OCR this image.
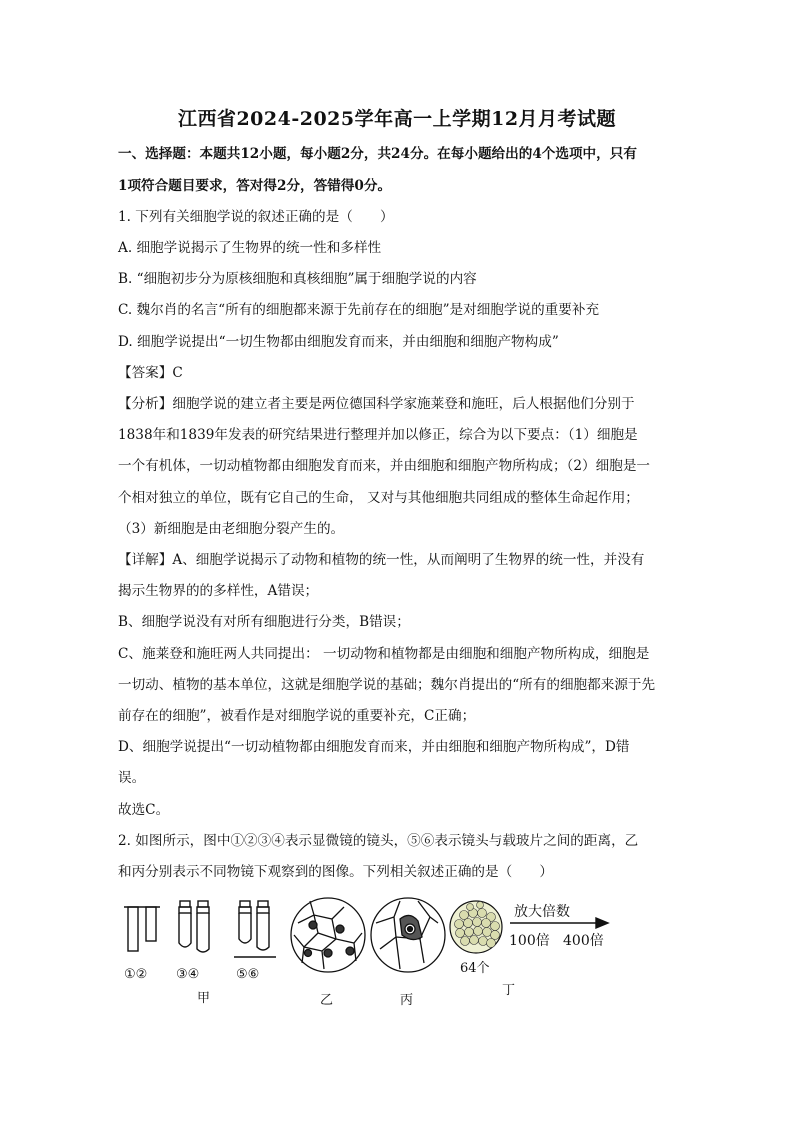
江西省2024-2025学年高一上学期12月月考试题
一、选择题：本题共12小题，每小题2分，共24分。在每小题给出的4个选项中，只有
1项符合题目要求，答对得2分，答错得0分。
1. 下列有关细胞学说的叙述正确的是（　　）
A. 细胞学说揭示了生物界的统一性和多样性
B. “细胞初步分为原核细胞和真核细胞”属于细胞学说的内容
C. 魏尔肖的名言“所有的细胞都来源于先前存在的细胞”是对细胞学说的重要补充
D. 细胞学说提出“一切生物都由细胞发育而来，并由细胞和细胞产物构成”
【答案】C
【分析】细胞学说的建立者主要是两位德国科学家施莱登和施旺，后人根据他们分别于
1838年和1839年发表的研究结果进行整理并加以修正，综合为以下要点：（1）细胞是
一个有机体，一切动植物都由细胞发育而来，并由细胞和细胞产物所构成；（2）细胞是一
个相对独立的单位，既有它自己的生命， 又对与其他细胞共同组成的整体生命起作用；
（3）新细胞是由老细胞分裂产生的。
【详解】A、细胞学说揭示了动物和植物的统一性，从而阐明了生物界的统一性，并没有
揭示生物界的的多样性，A错误；
B、细胞学说没有对所有细胞进行分类，B错误；
C、施莱登和施旺两人共同提出： 一切动物和植物都是由细胞和细胞产物所构成，细胞是
一切动、植物的基本单位，这就是细胞学说的基础；魏尔肖提出的“所有的细胞都来源于先
前存在的细胞”，被看作是对细胞学说的重要补充，C正确；
D、细胞学说提出“一切动植物都由细胞发育而来，并由细胞和细胞产物所构成”，D错
误。
故选C。
2. 如图所示，图中①②③④表示显微镜的镜头，⑤⑥表示镜头与载玻片之间的距离，乙
和丙分别表示不同物镜下观察到的图像。下列相关叙述正确的是（　　）
①② ③④	⑤⑥
甲	乙	丙
64个
丁
放大倍数
100倍 400倍
